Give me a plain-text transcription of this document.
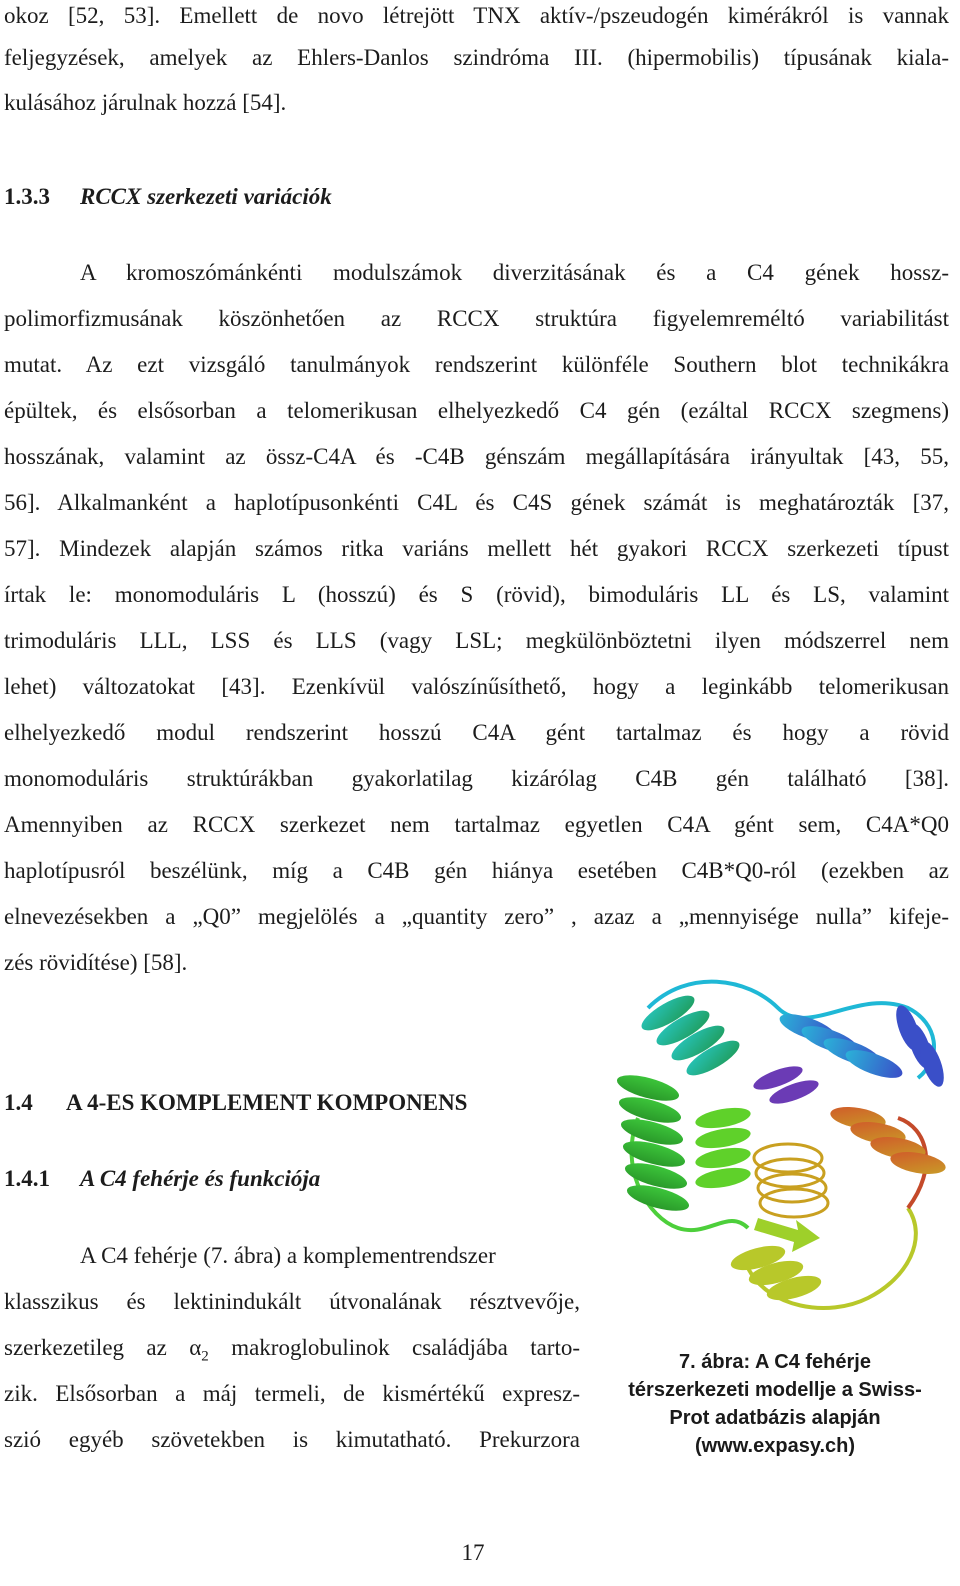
okoz [52, 53]. Emellett de novo létrejött TNX aktív-/pszeudogén kimérákról is vannak
feljegyzések, amelyek az Ehlers-Danlos szindróma III. (hipermobilis) típusának kiala-
kulásához járulnak hozzá [54].
1.3.3 RCCX szerkezeti variációk
A kromoszómánkénti modulszámok diverzitásának és a C4 gének hossz-
polimorfizmusának köszönhetően az RCCX struktúra figyelemreméltó variabilitást
mutat. Az ezt vizsgáló tanulmányok rendszerint különféle Southern blot technikákra
épültek, és elsősorban a telomerikusan elhelyezkedő C4 gén (ezáltal RCCX szegmens)
hosszának, valamint az össz-C4A és -C4B génszám megállapítására irányultak [43, 55,
56]. Alkalmanként a haplotípusonkénti C4L és C4S gének számát is meghatározták [37,
57]. Mindezek alapján számos ritka variáns mellett hét gyakori RCCX szerkezeti típust
írtak le: monomoduláris L (hosszú) és S (rövid), bimoduláris LL és LS, valamint
trimoduláris LLL, LSS és LLS (vagy LSL; megkülönböztetni ilyen módszerrel nem
lehet) változatokat [43]. Ezenkívül valószínűsíthető, hogy a leginkább telomerikusan
elhelyezkedő modul rendszerint hosszú C4A gént tartalmaz és hogy a rövid
monomoduláris struktúrákban gyakorlatilag kizárólag C4B gén található [38].
Amennyiben az RCCX szerkezet nem tartalmaz egyetlen C4A gént sem, C4A*Q0
haplotípusról beszélünk, míg a C4B gén hiánya esetében C4B*Q0-ról (ezekben az
elnevezésekben a „Q0” megjelölés a „quantity zero” , azaz a „mennyisége nulla” kifeje-
zés rövidítése) [58].
1.4 A 4-ES KOMPLEMENT KOMPONENS
1.4.1 A C4 fehérje és funkciója
A C4 fehérje (7. ábra) a komplementrendszer
klasszikus és lektinindukált útvonalának résztvevője,
szerkezetileg az $\alpha_2$ makroglobulinok családjába tarto-
zik. Elsősorban a máj termeli, de kismértékű expresz-
szió egyéb szövetekben is kimutatható. Prekurzora
7. ábra: A C4 fehérje
térszerkezeti modellje a Swiss-
Prot adatbázis alapján
(www.expasy.ch)
17
